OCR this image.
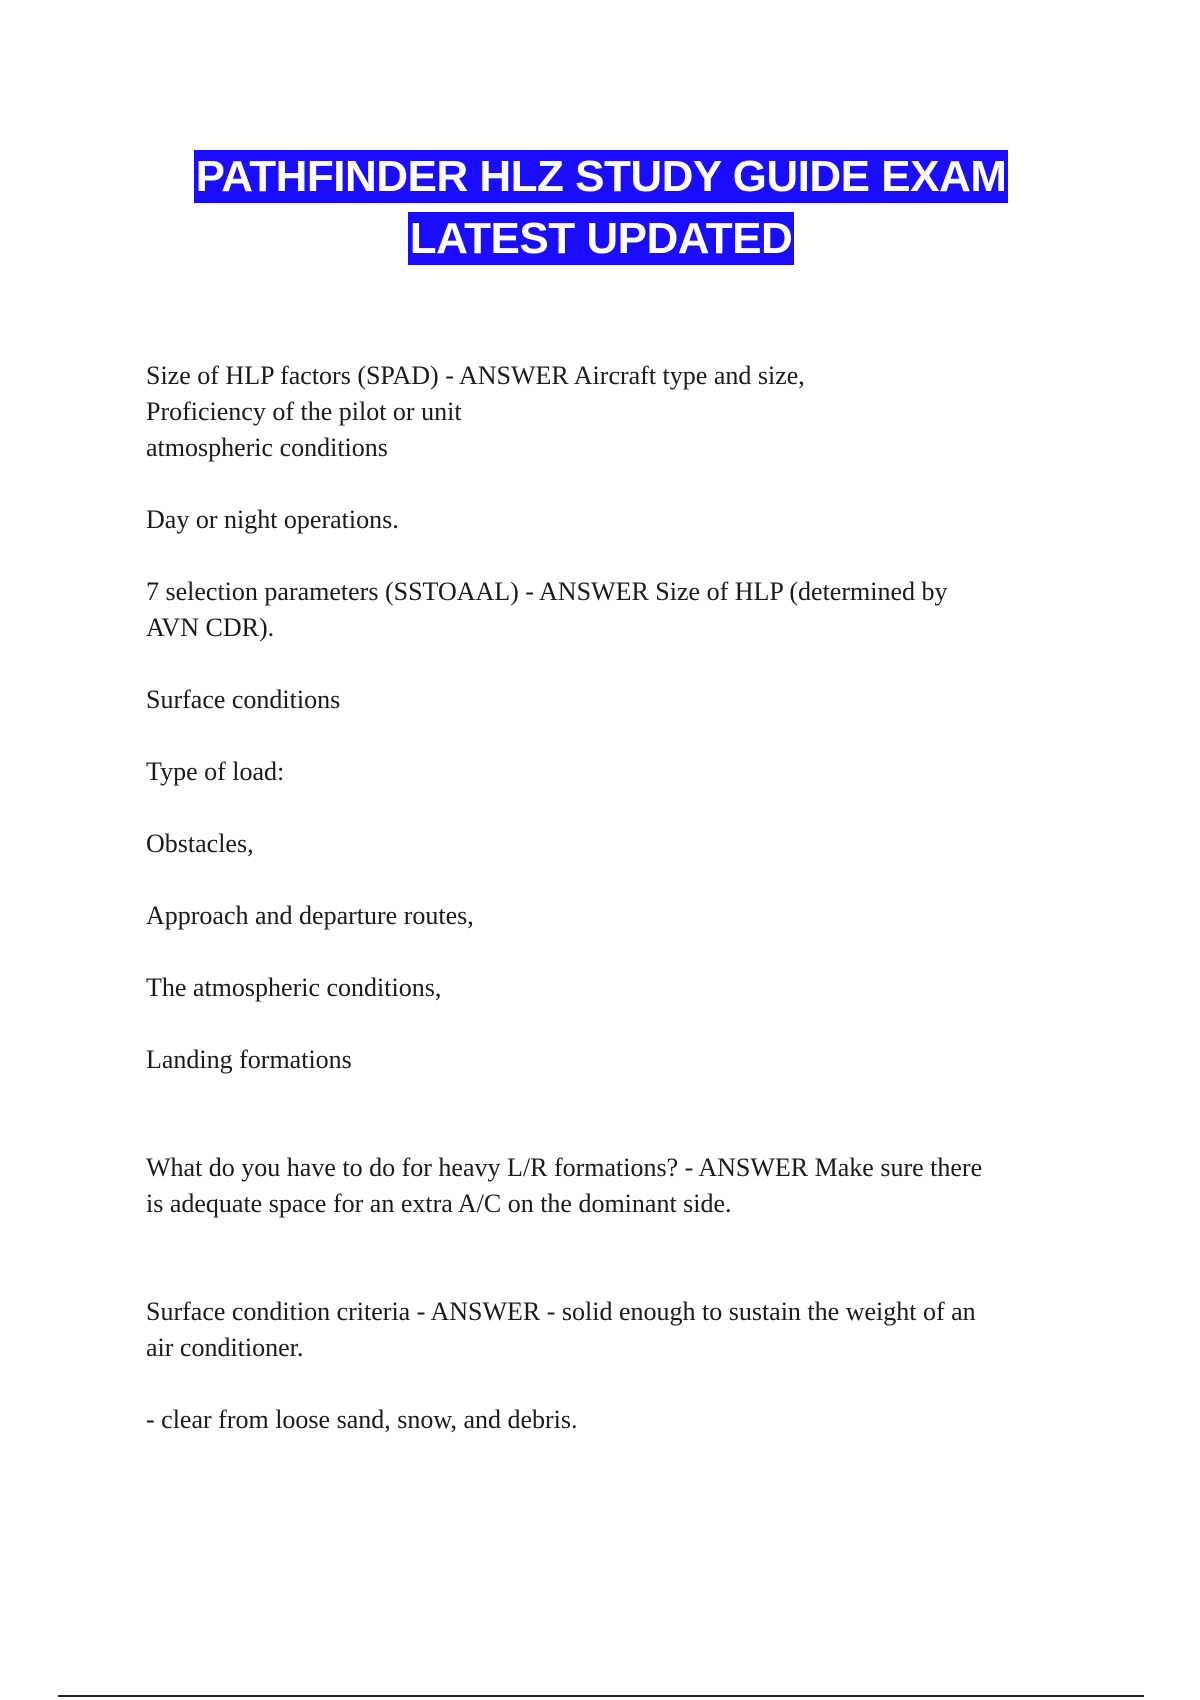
PATHFINDER HLZ STUDY GUIDE EXAM
LATEST UPDATED

Size of HLP factors (SPAD) - ANSWER Aircraft type and size,
Proficiency of the pilot or unit
atmospheric conditions

Day or night operations.

7 selection parameters (SSTOAAL) - ANSWER Size of HLP (determined by
AVN CDR).

Surface conditions

Type of load:

Obstacles,

Approach and departure routes,

The atmospheric conditions,

Landing formations

What do you have to do for heavy L/R formations? - ANSWER Make sure there
is adequate space for an extra A/C on the dominant side.

Surface condition criteria - ANSWER - solid enough to sustain the weight of an
air conditioner.

- clear from loose sand, snow, and debris.
